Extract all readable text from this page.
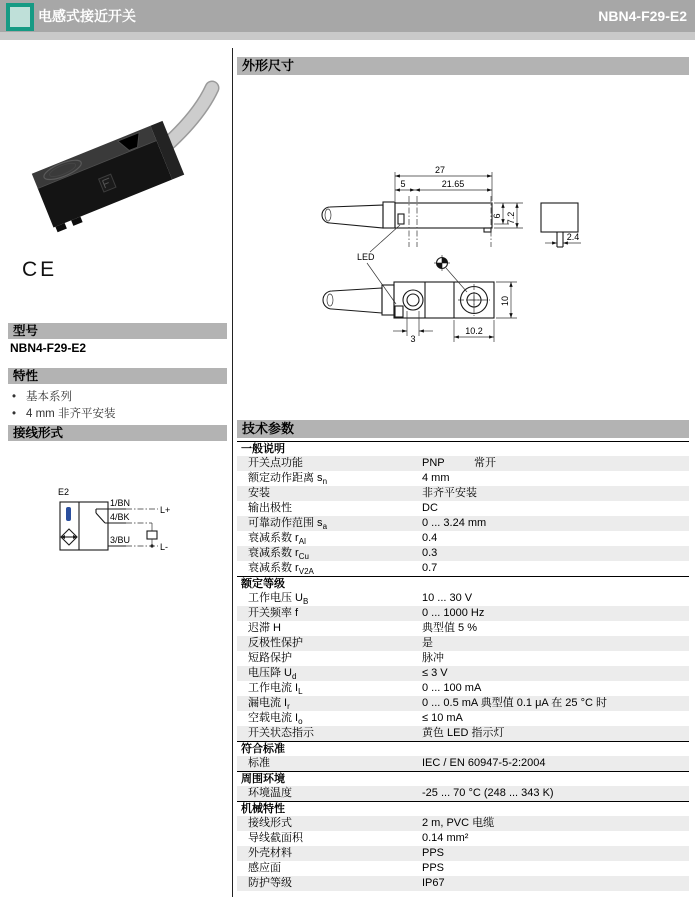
电感式接近开关	NBN4-F29-E2
CE
型号
NBN4-F29-E2
特性
• 基本系列
• 4 mm 非齐平安装
接线形式
E2
1/BN
L+
4/BK
3/BU
L-
外形尺寸
27
5	21.65
6 7.2
2.4
LED
10
3
10.2
技术参数
一般说明
开关点功能	PNP	常开
额定动作距离 $s_n$	4 mm
安装	非齐平安装
输出极性	DC
可靠动作范围 $s_a$	0 ... 3.24 mm
衰减系数 $r_{Al}$	0.4
衰减系数 $r_{Cu}$	0.3
衰减系数 $r_{V2A}$	0.7
额定等级
工作电压 $U_B$	10 ... 30 V
开关频率 f	0 ... 1000 Hz
迟滞 H	典型值 5 %
反极性保护	是
短路保护	脉冲
电压降 $U_d$	≤ 3 V
工作电流 $I_L$	0 ... 100 mA
漏电流 $I_r$	0 ... 0.5 mA 典型值 0.1 μA 在 25 °C 时
空载电流 $I_o$	≤ 10 mA
开关状态指示	黄色 LED 指示灯
符合标准
标准	IEC / EN 60947-5-2:2004
周围环境
环境温度	-25 ... 70 °C (248 ... 343 K)
机械特性
接线形式	2 m, PVC 电缆
导线截面积	0.14 mm²
外壳材料	PPS
感应面	PPS
防护等级	IP67
